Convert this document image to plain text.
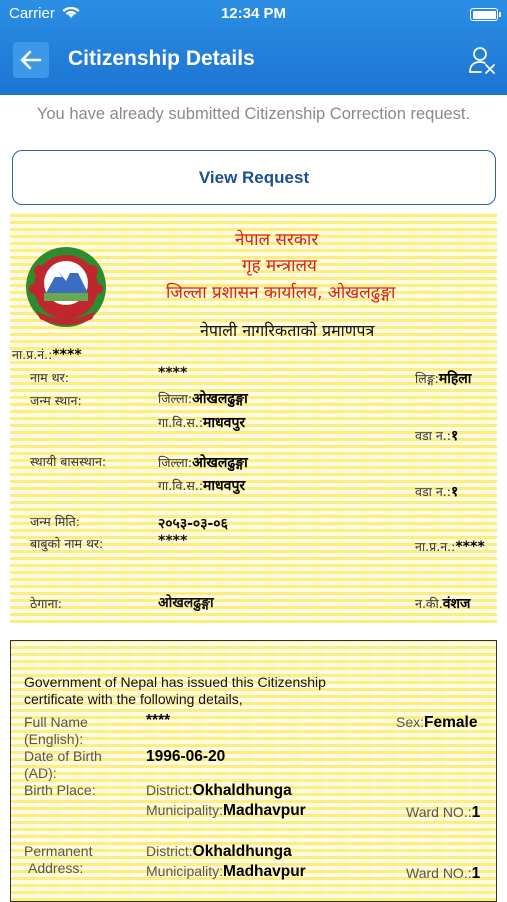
Carrier	12:34 PM
Citizenship Details
You have already submitted Citizenship Correction request.
View Request
नेपाल सरकार
गृह मन्त्रालय
जिल्ला प्रशासन कार्यालय, ओखलढुङ्गा
नेपाली नागरिकताको प्रमाणपत्र
ना.प्र.नं.:****
नाम थर:	****	लिङ्ग:महिला
जन्म स्थान:	जिल्ला:ओखलढुङ्गा
गा.वि.स.:माधवपुर
वडा न.:१
स्थायी बासस्थान:	जिल्ला:ओखलढुङ्गा
गा.वि.स.:माधवपुर	वडा न.:१
जन्म मिति:	२०५३-०३-०६
बाबुको नाम थर:	****	ना.प्र.न.:****
ठेगाना:	ओखलढुङ्गा	न.की.वंशज
Government of Nepal has issued this Citizenship certificate with the following details,
Full Name
(English):
****	Sex:Female
Date of Birth
(AD):
1996-06-20
Birth Place:	District:Okhaldhunga
Municipality:Madhavpur	Ward NO.:1
Permanent
Address:
District:Okhaldhunga
Municipality:Madhavpur	Ward NO.:1
